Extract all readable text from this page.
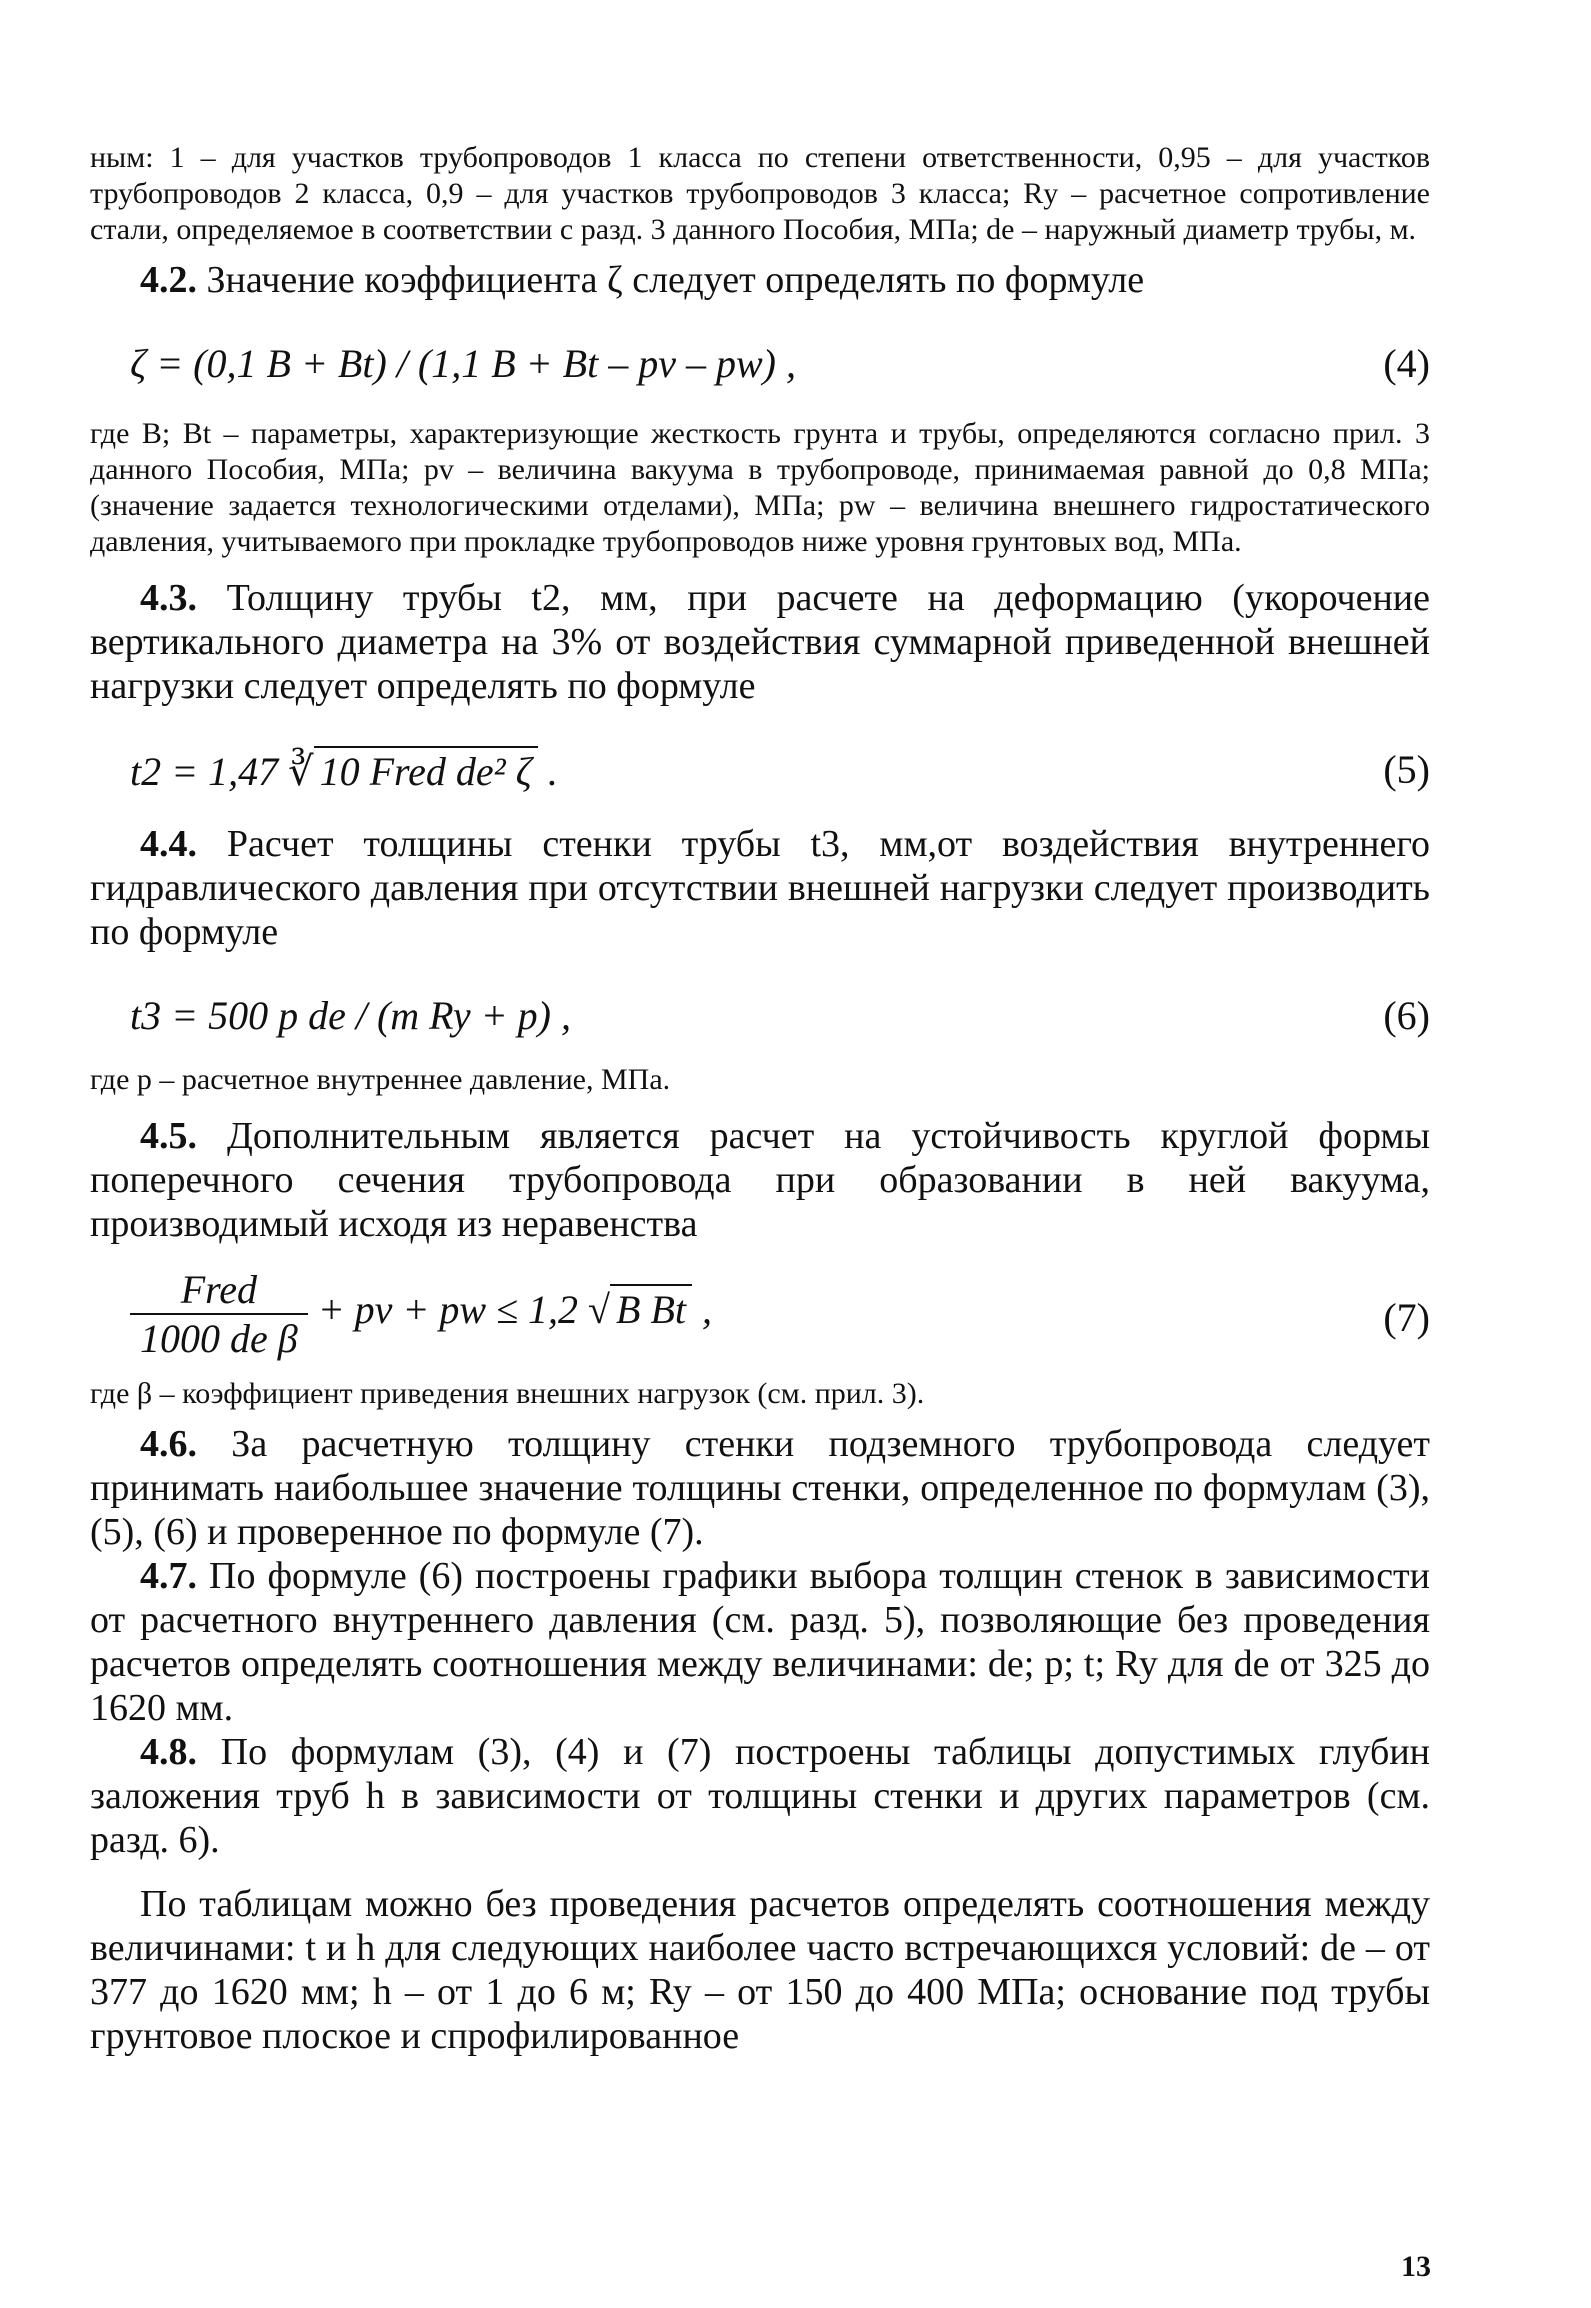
ным: 1 – для участков трубопроводов 1 класса по степени ответственности, 0,95 – для участков трубопроводов 2 класса, 0,9 – для участков трубопроводов 3 класса; Rу – расчетное сопротивление стали, определяемое в соответствии с разд. 3 данного Пособия, МПа; de – наружный диаметр трубы, м.

4.2. Значение коэффициента ζ следует определять по формуле

ζ = (0,1 B + Bt) / (1,1 B + Bt – pv – pw) ,	(4)

где B; Bt – параметры, характеризующие жесткость грунта и трубы, определяются согласно прил. 3 данного Пособия, МПа; pv – величина вакуума в трубопроводе, принимаемая равной до 0,8 МПа; (значение задается технологическими отделами), МПа; pw – величина внешнего гидростатического давления, учитываемого при прокладке трубопроводов ниже уровня грунтовых вод, МПа.

4.3. Толщину трубы t2, мм, при расчете на деформацию (укорочение вертикального диаметра на 3% от воздействия суммарной приведенной внешней нагрузки следует определять по формуле

t2 = 1,47 ∛ 10 Fred de² ζ .	(5)

4.4. Расчет толщины стенки трубы t3, мм,от воздействия внутреннего гидравлического давления при отсутствии внешней нагрузки следует производить по формуле

t3 = 500 p de / (m Ry + p) ,	(6)

где p – расчетное внутреннее давление, МПа.

4.5. Дополнительным является расчет на устойчивость круглой формы поперечного сечения трубопровода при образовании в ней вакуума, производимый исходя из неравенства

$\frac{\text{Fred}}{\text{1000 de β}}$ + pv + pw ≤ 1,2 √ B Bt ,	(7)

где β – коэффициент приведения внешних нагрузок (см. прил. 3).

4.6. За расчетную толщину стенки подземного трубопровода следует принимать наибольшее значение толщины стенки, определенное по формулам (3), (5), (6) и проверенное по формуле (7).

4.7. По формуле (6) построены графики выбора толщин стенок в зависимости от расчетного внутреннего давления (см. разд. 5), позволяющие без проведения расчетов определять соотношения между величинами: de; p; t; Ry для de от 325 до 1620 мм.

4.8. По формулам (3), (4) и (7) построены таблицы допустимых глубин заложения труб h в зависимости от толщины стенки и других параметров (см. разд. 6).

По таблицам можно без проведения расчетов определять соотношения между величинами: t и h для следующих наиболее часто встречающихся условий: de – от 377 до 1620 мм; h – от 1 до 6 м; Ry – от 150 до 400 МПа; основание под трубы грунтовое плоское и спрофилированное

13
